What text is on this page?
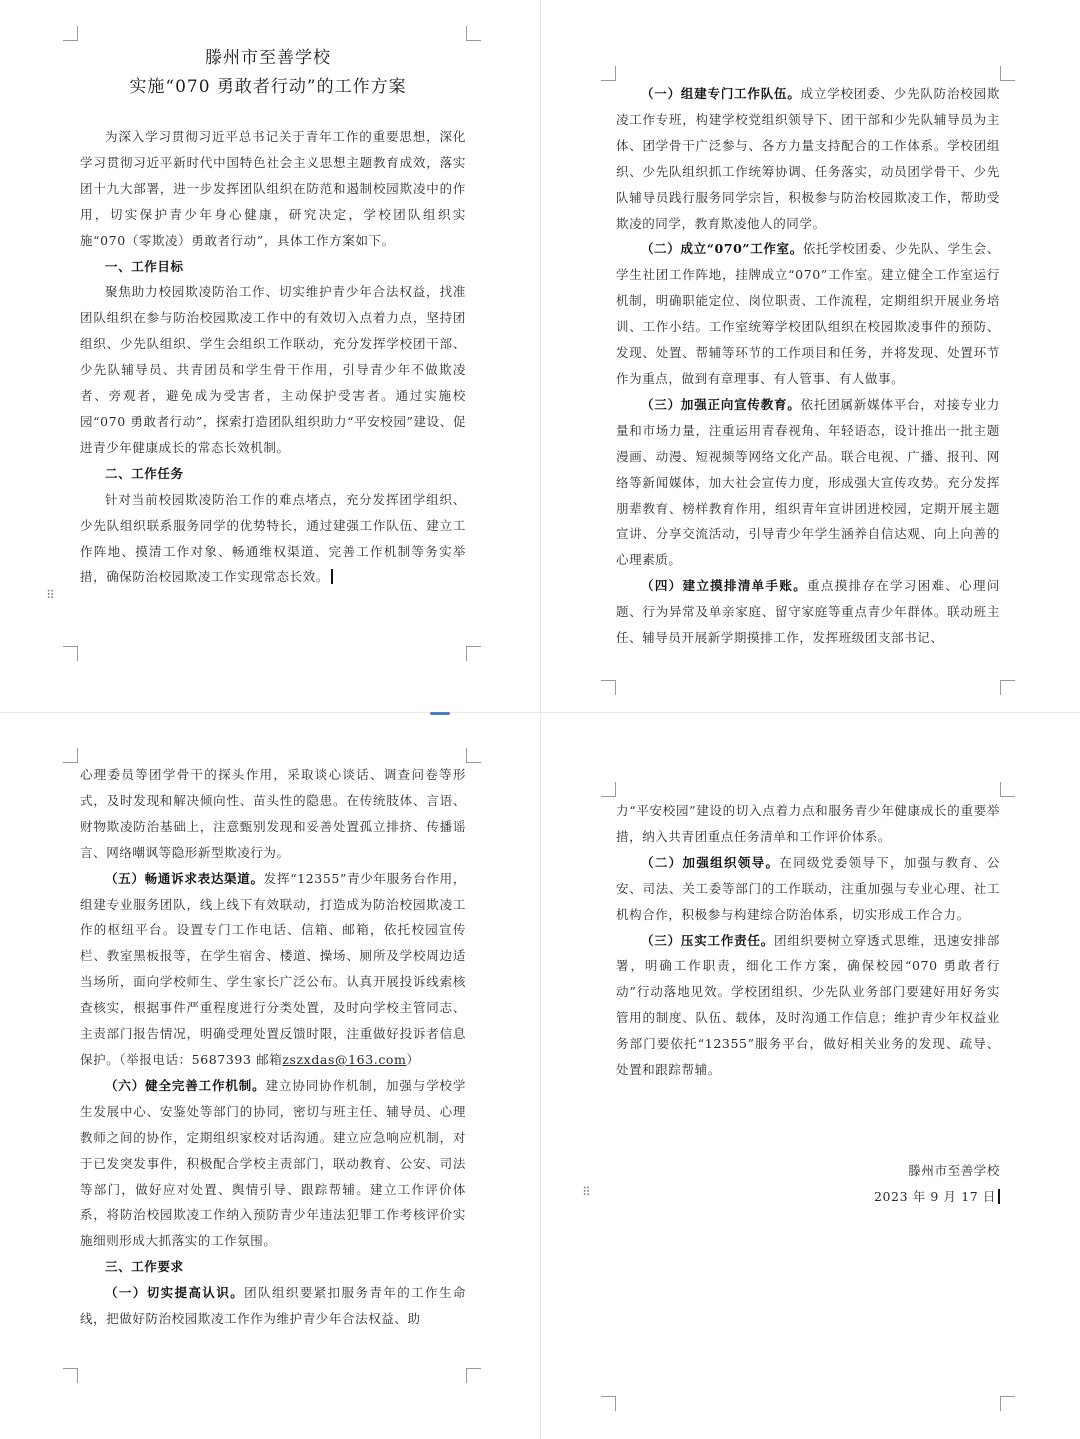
滕州市至善学校
实施“070 勇敢者行动”的工作方案

为深入学习贯彻习近平总书记关于青年工作的重要思想，深化学习贯彻习近平新时代中国特色社会主义思想主题教育成效，落实团十九大部署，进一步发挥团队组织在防范和遏制校园欺凌中的作用，切实保护青少年身心健康，研究决定，学校团队组织实施“070（零欺凌）勇敢者行动”，具体工作方案如下。

一、工作目标

聚焦助力校园欺凌防治工作、切实维护青少年合法权益，找准团队组织在参与防治校园欺凌工作中的有效切入点着力点，坚持团组织、少先队组织、学生会组织工作联动，充分发挥学校团干部、少先队辅导员、共青团员和学生骨干作用，引导青少年不做欺凌者、旁观者，避免成为受害者，主动保护受害者。通过实施校园“070 勇敢者行动”，探索打造团队组织助力“平安校园”建设、促进青少年健康成长的常态长效机制。

二、工作任务

针对当前校园欺凌防治工作的难点堵点，充分发挥团学组织、少先队组织联系服务同学的优势特长，通过建强工作队伍、建立工作阵地、摸清工作对象、畅通维权渠道、完善工作机制等务实举措，确保防治校园欺凌工作实现常态长效。

⠿

（一）组建专门工作队伍。成立学校团委、少先队防治校园欺凌工作专班，构建学校党组织领导下、团干部和少先队辅导员为主体、团学骨干广泛参与、各方力量支持配合的工作体系。学校团组织、少先队组织抓工作统筹协调、任务落实，动员团学骨干、少先队辅导员践行服务同学宗旨，积极参与防治校园欺凌工作，帮助受欺凌的同学，教育欺凌他人的同学。

（二）成立“070”工作室。依托学校团委、少先队、学生会、学生社团工作阵地，挂牌成立“070”工作室。建立健全工作室运行机制，明确职能定位、岗位职责、工作流程，定期组织开展业务培训、工作小结。工作室统筹学校团队组织在校园欺凌事件的预防、发现、处置、帮辅等环节的工作项目和任务，并将发现、处置环节作为重点，做到有章理事、有人管事、有人做事。

（三）加强正向宣传教育。依托团属新媒体平台，对接专业力量和市场力量，注重运用青春视角、年轻语态，设计推出一批主题漫画、动漫、短视频等网络文化产品。联合电视、广播、报刊、网络等新闻媒体，加大社会宣传力度，形成强大宣传攻势。充分发挥朋辈教育、榜样教育作用，组织青年宣讲团进校园，定期开展主题宣讲、分享交流活动，引导青少年学生涵养自信达观、向上向善的心理素质。

（四）建立摸排清单手账。重点摸排存在学习困难、心理问题、行为异常及单亲家庭、留守家庭等重点青少年群体。联动班主任、辅导员开展新学期摸排工作，发挥班级团支部书记、

心理委员等团学骨干的探头作用，采取谈心谈话、调查问卷等形式，及时发现和解决倾向性、苗头性的隐患。在传统肢体、言语、财物欺凌防治基础上，注意甄别发现和妥善处置孤立排挤、传播谣言、网络嘲讽等隐形新型欺凌行为。

（五）畅通诉求表达渠道。发挥“12355”青少年服务台作用，组建专业服务团队，线上线下有效联动，打造成为防治校园欺凌工作的枢纽平台。设置专门工作电话、信箱、邮箱，依托校园宣传栏、教室黑板报等，在学生宿舍、楼道、操场、厕所及学校周边适当场所，面向学校师生、学生家长广泛公布。认真开展投诉线索核查核实，根据事件严重程度进行分类处置，及时向学校主管同志、主责部门报告情况，明确受理处置反馈时限，注重做好投诉者信息保护。（举报电话：5687393 邮箱zszxdas@163.com）

（六）健全完善工作机制。建立协同协作机制，加强与学校学生发展中心、安鉴处等部门的协同，密切与班主任、辅导员、心理教师之间的协作，定期组织家校对话沟通。建立应急响应机制，对于已发突发事件，积极配合学校主责部门，联动教育、公安、司法等部门，做好应对处置、舆情引导、跟踪帮辅。建立工作评价体系，将防治校园欺凌工作纳入预防青少年违法犯罪工作考核评价实施细则形成大抓落实的工作氛围。

三、工作要求

（一）切实提高认识。团队组织要紧扣服务青年的工作生命线，把做好防治校园欺凌工作作为维护青少年合法权益、助

力“平安校园”建设的切入点着力点和服务青少年健康成长的重要举措，纳入共青团重点任务清单和工作评价体系。

（二）加强组织领导。在同级党委领导下，加强与教育、公安、司法、关工委等部门的工作联动，注重加强与专业心理、社工机构合作，积极参与构建综合防治体系，切实形成工作合力。

（三）压实工作责任。团组织要树立穿透式思维，迅速安排部署，明确工作职责，细化工作方案，确保校园“070 勇敢者行动”行动落地见效。学校团组织、少先队业务部门要建好用好务实管用的制度、队伍、载体，及时沟通工作信息；维护青少年权益业务部门要依托“12355”服务平台，做好相关业务的发现、疏导、处置和跟踪帮辅。

滕州市至善学校
2023 年 9 月 17 日
⠿
